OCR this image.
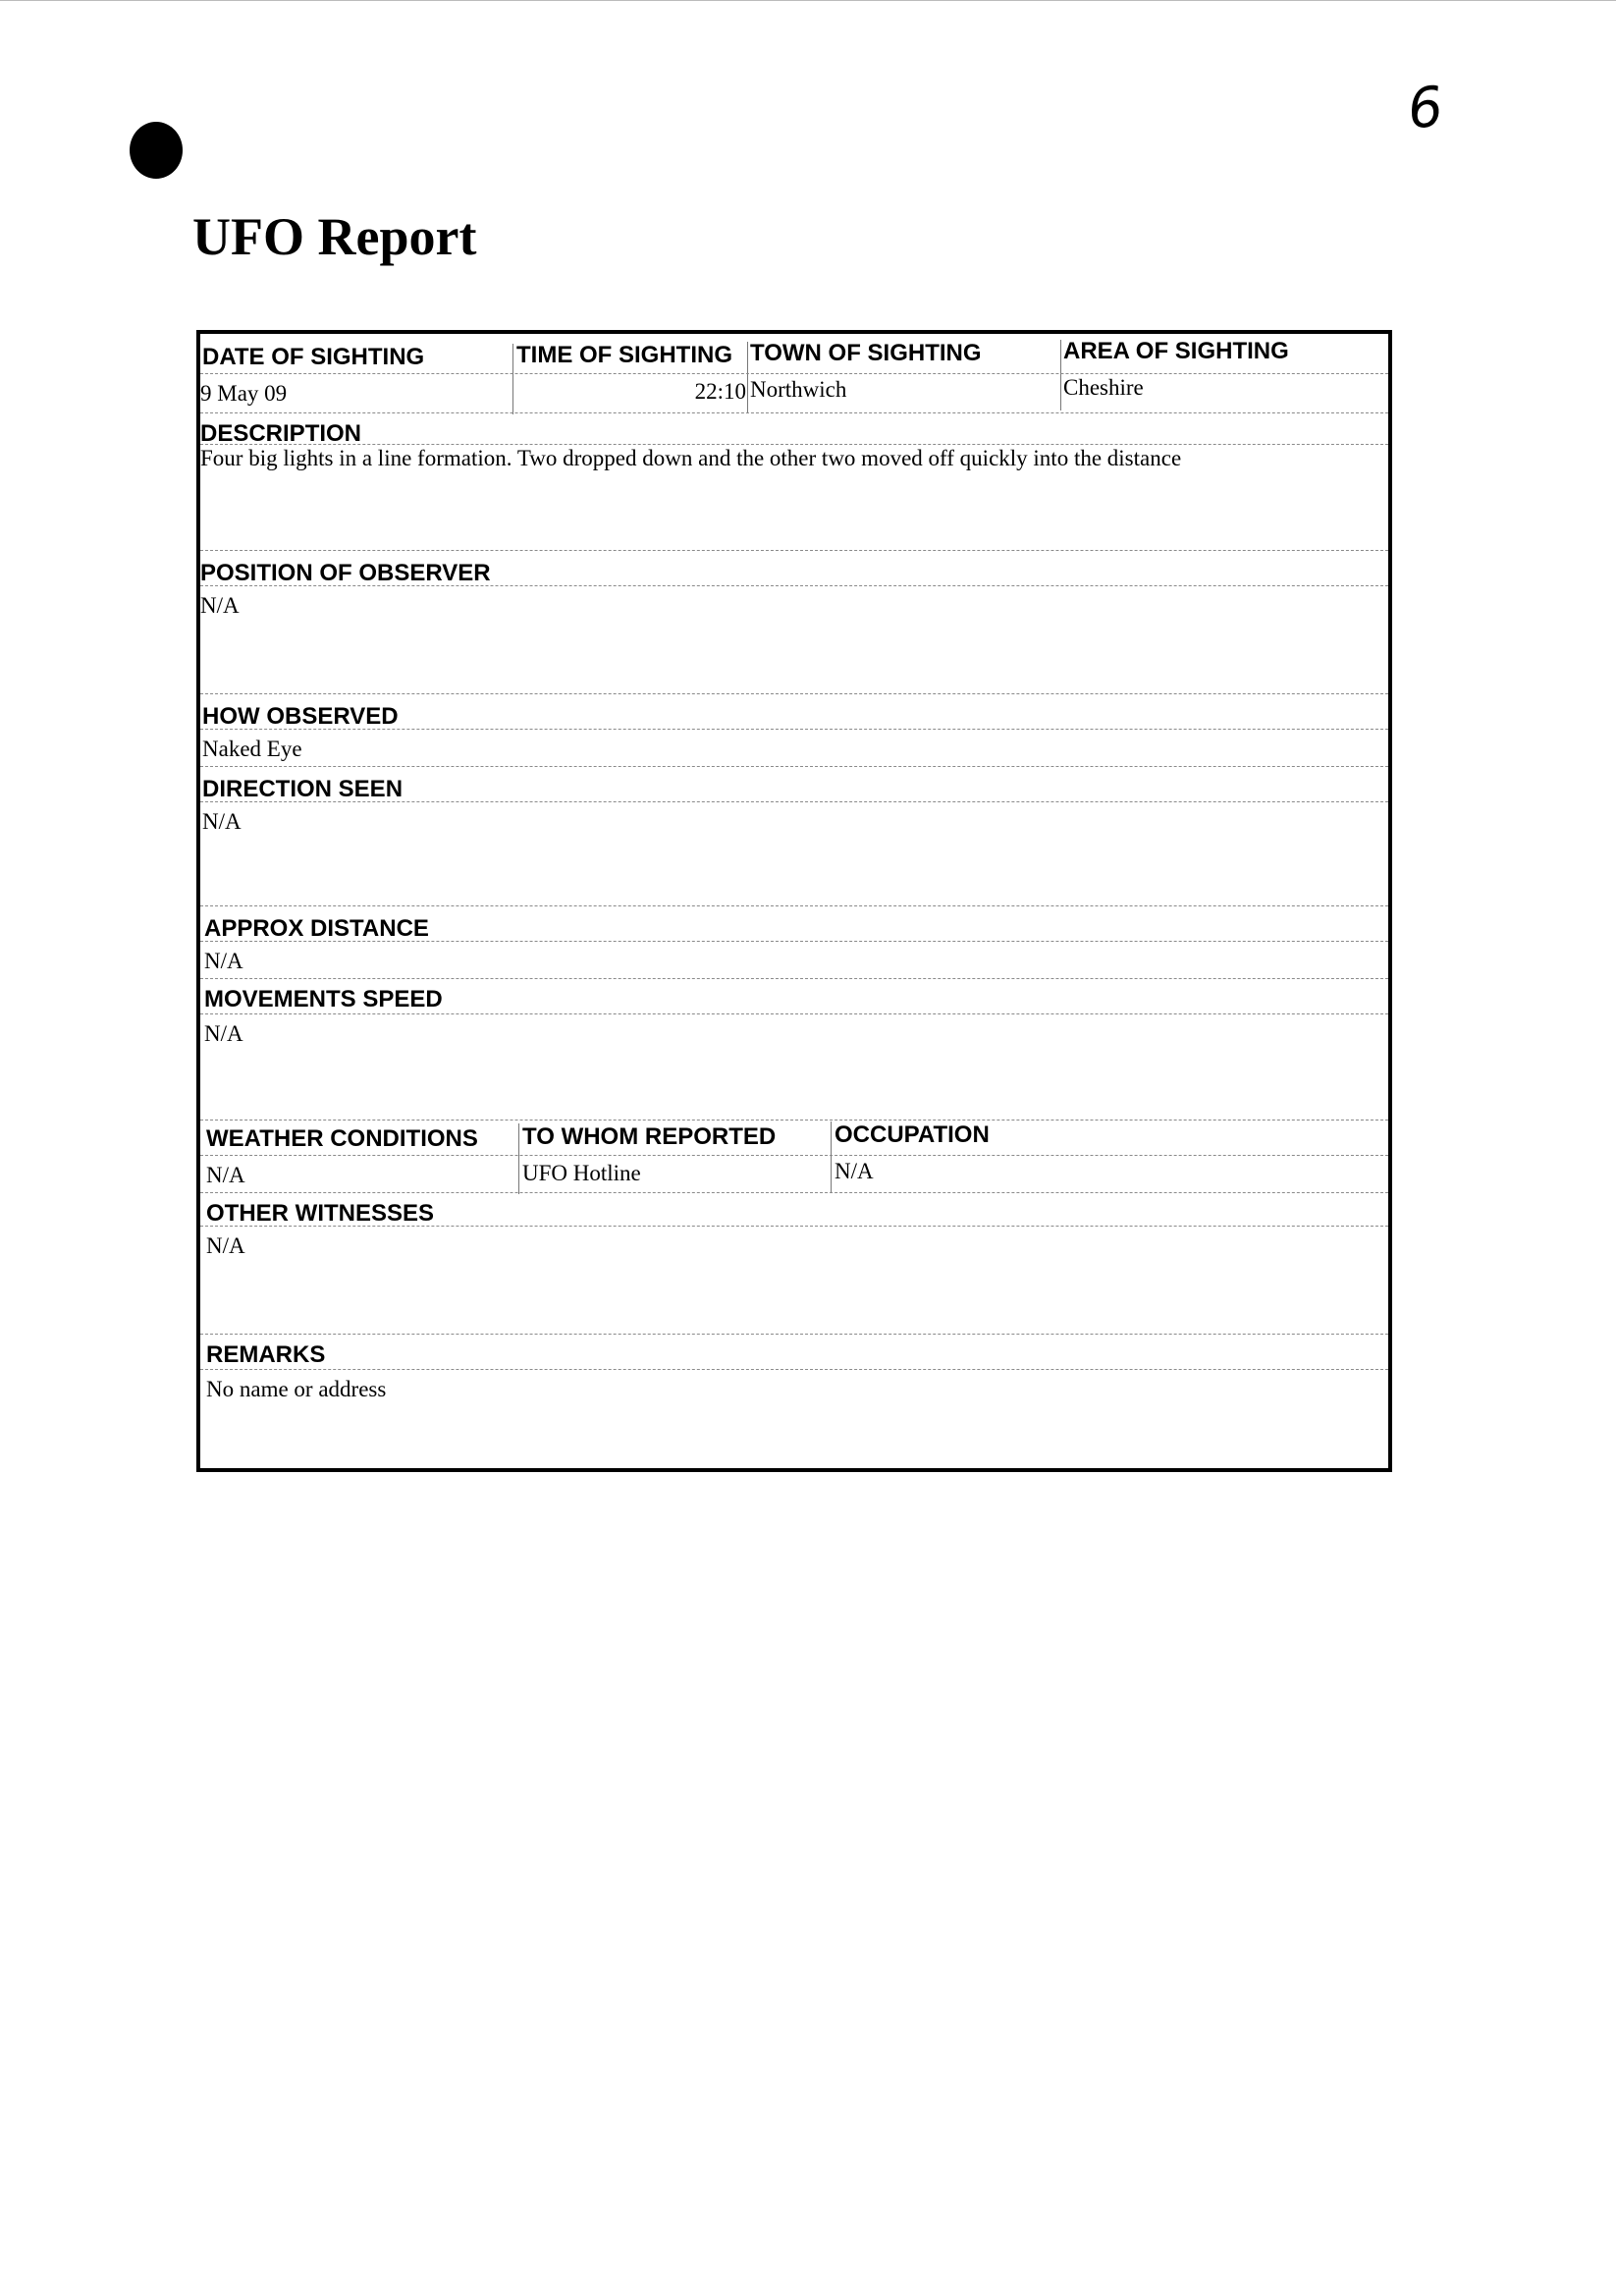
6
UFO Report
DATE OF SIGHTING
9 May 09
TIME OF SIGHTING
22:10
TOWN OF SIGHTING
Northwich
AREA OF SIGHTING
Cheshire
DESCRIPTION
Four big lights in a line formation. Two dropped down and the other two moved off quickly into the distance
POSITION OF OBSERVER
N/A
HOW OBSERVED
Naked Eye
DIRECTION SEEN
N/A
APPROX DISTANCE
N/A
MOVEMENTS SPEED
N/A
WEATHER CONDITIONS
N/A
TO WHOM REPORTED
UFO Hotline
OCCUPATION
N/A
OTHER WITNESSES
N/A
REMARKS
No name or address
